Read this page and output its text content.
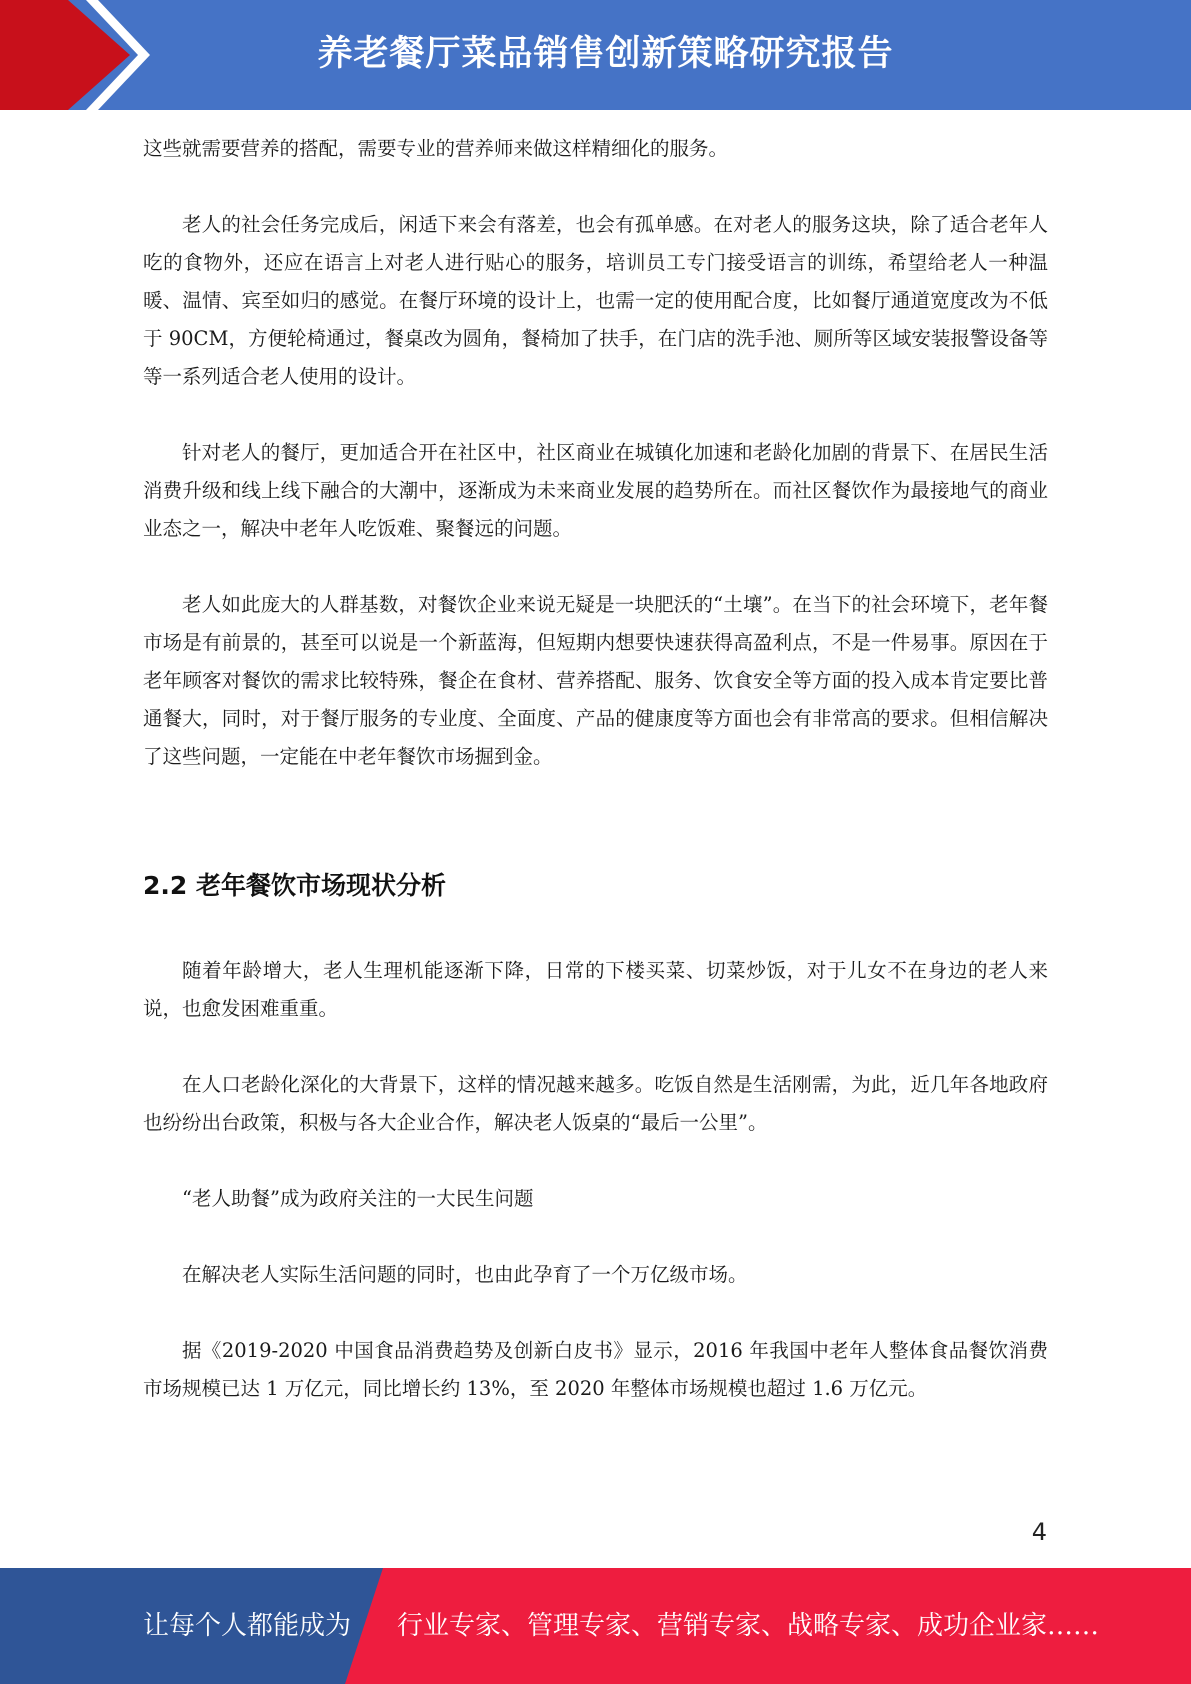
养老餐厅菜品销售创新策略研究报告

这些就需要营养的搭配，需要专业的营养师来做这样精细化的服务。

老人的社会任务完成后，闲适下来会有落差，也会有孤单感。在对老人的服务这块，除了适合老年人吃的食物外，还应在语言上对老人进行贴心的服务，培训员工专门接受语言的训练，希望给老人一种温暖、温情、宾至如归的感觉。在餐厅环境的设计上，也需一定的使用配合度，比如餐厅通道宽度改为不低于 90CM，方便轮椅通过，餐桌改为圆角，餐椅加了扶手，在门店的洗手池、厕所等区域安装报警设备等等一系列适合老人使用的设计。

针对老人的餐厅，更加适合开在社区中，社区商业在城镇化加速和老龄化加剧的背景下、在居民生活消费升级和线上线下融合的大潮中，逐渐成为未来商业发展的趋势所在。而社区餐饮作为最接地气的商业业态之一，解决中老年人吃饭难、聚餐远的问题。

老人如此庞大的人群基数，对餐饮企业来说无疑是一块肥沃的“土壤”。在当下的社会环境下，老年餐市场是有前景的，甚至可以说是一个新蓝海，但短期内想要快速获得高盈利点，不是一件易事。原因在于老年顾客对餐饮的需求比较特殊，餐企在食材、营养搭配、服务、饮食安全等方面的投入成本肯定要比普通餐大，同时，对于餐厅服务的专业度、全面度、产品的健康度等方面也会有非常高的要求。但相信解决了这些问题，一定能在中老年餐饮市场掘到金。

2.2 老年餐饮市场现状分析

随着年龄增大，老人生理机能逐渐下降，日常的下楼买菜、切菜炒饭，对于儿女不在身边的老人来说，也愈发困难重重。

在人口老龄化深化的大背景下，这样的情况越来越多。吃饭自然是生活刚需，为此，近几年各地政府也纷纷出台政策，积极与各大企业合作，解决老人饭桌的“最后一公里”。

“老人助餐”成为政府关注的一大民生问题

在解决老人实际生活问题的同时，也由此孕育了一个万亿级市场。

据《2019-2020 中国食品消费趋势及创新白皮书》显示，2016 年我国中老年人整体食品餐饮消费市场规模已达 1 万亿元，同比增长约 13%，至 2020 年整体市场规模也超过 1.6 万亿元。

4
让每个人都能成为 行业专家、管理专家、营销专家、战略专家、成功企业家……
